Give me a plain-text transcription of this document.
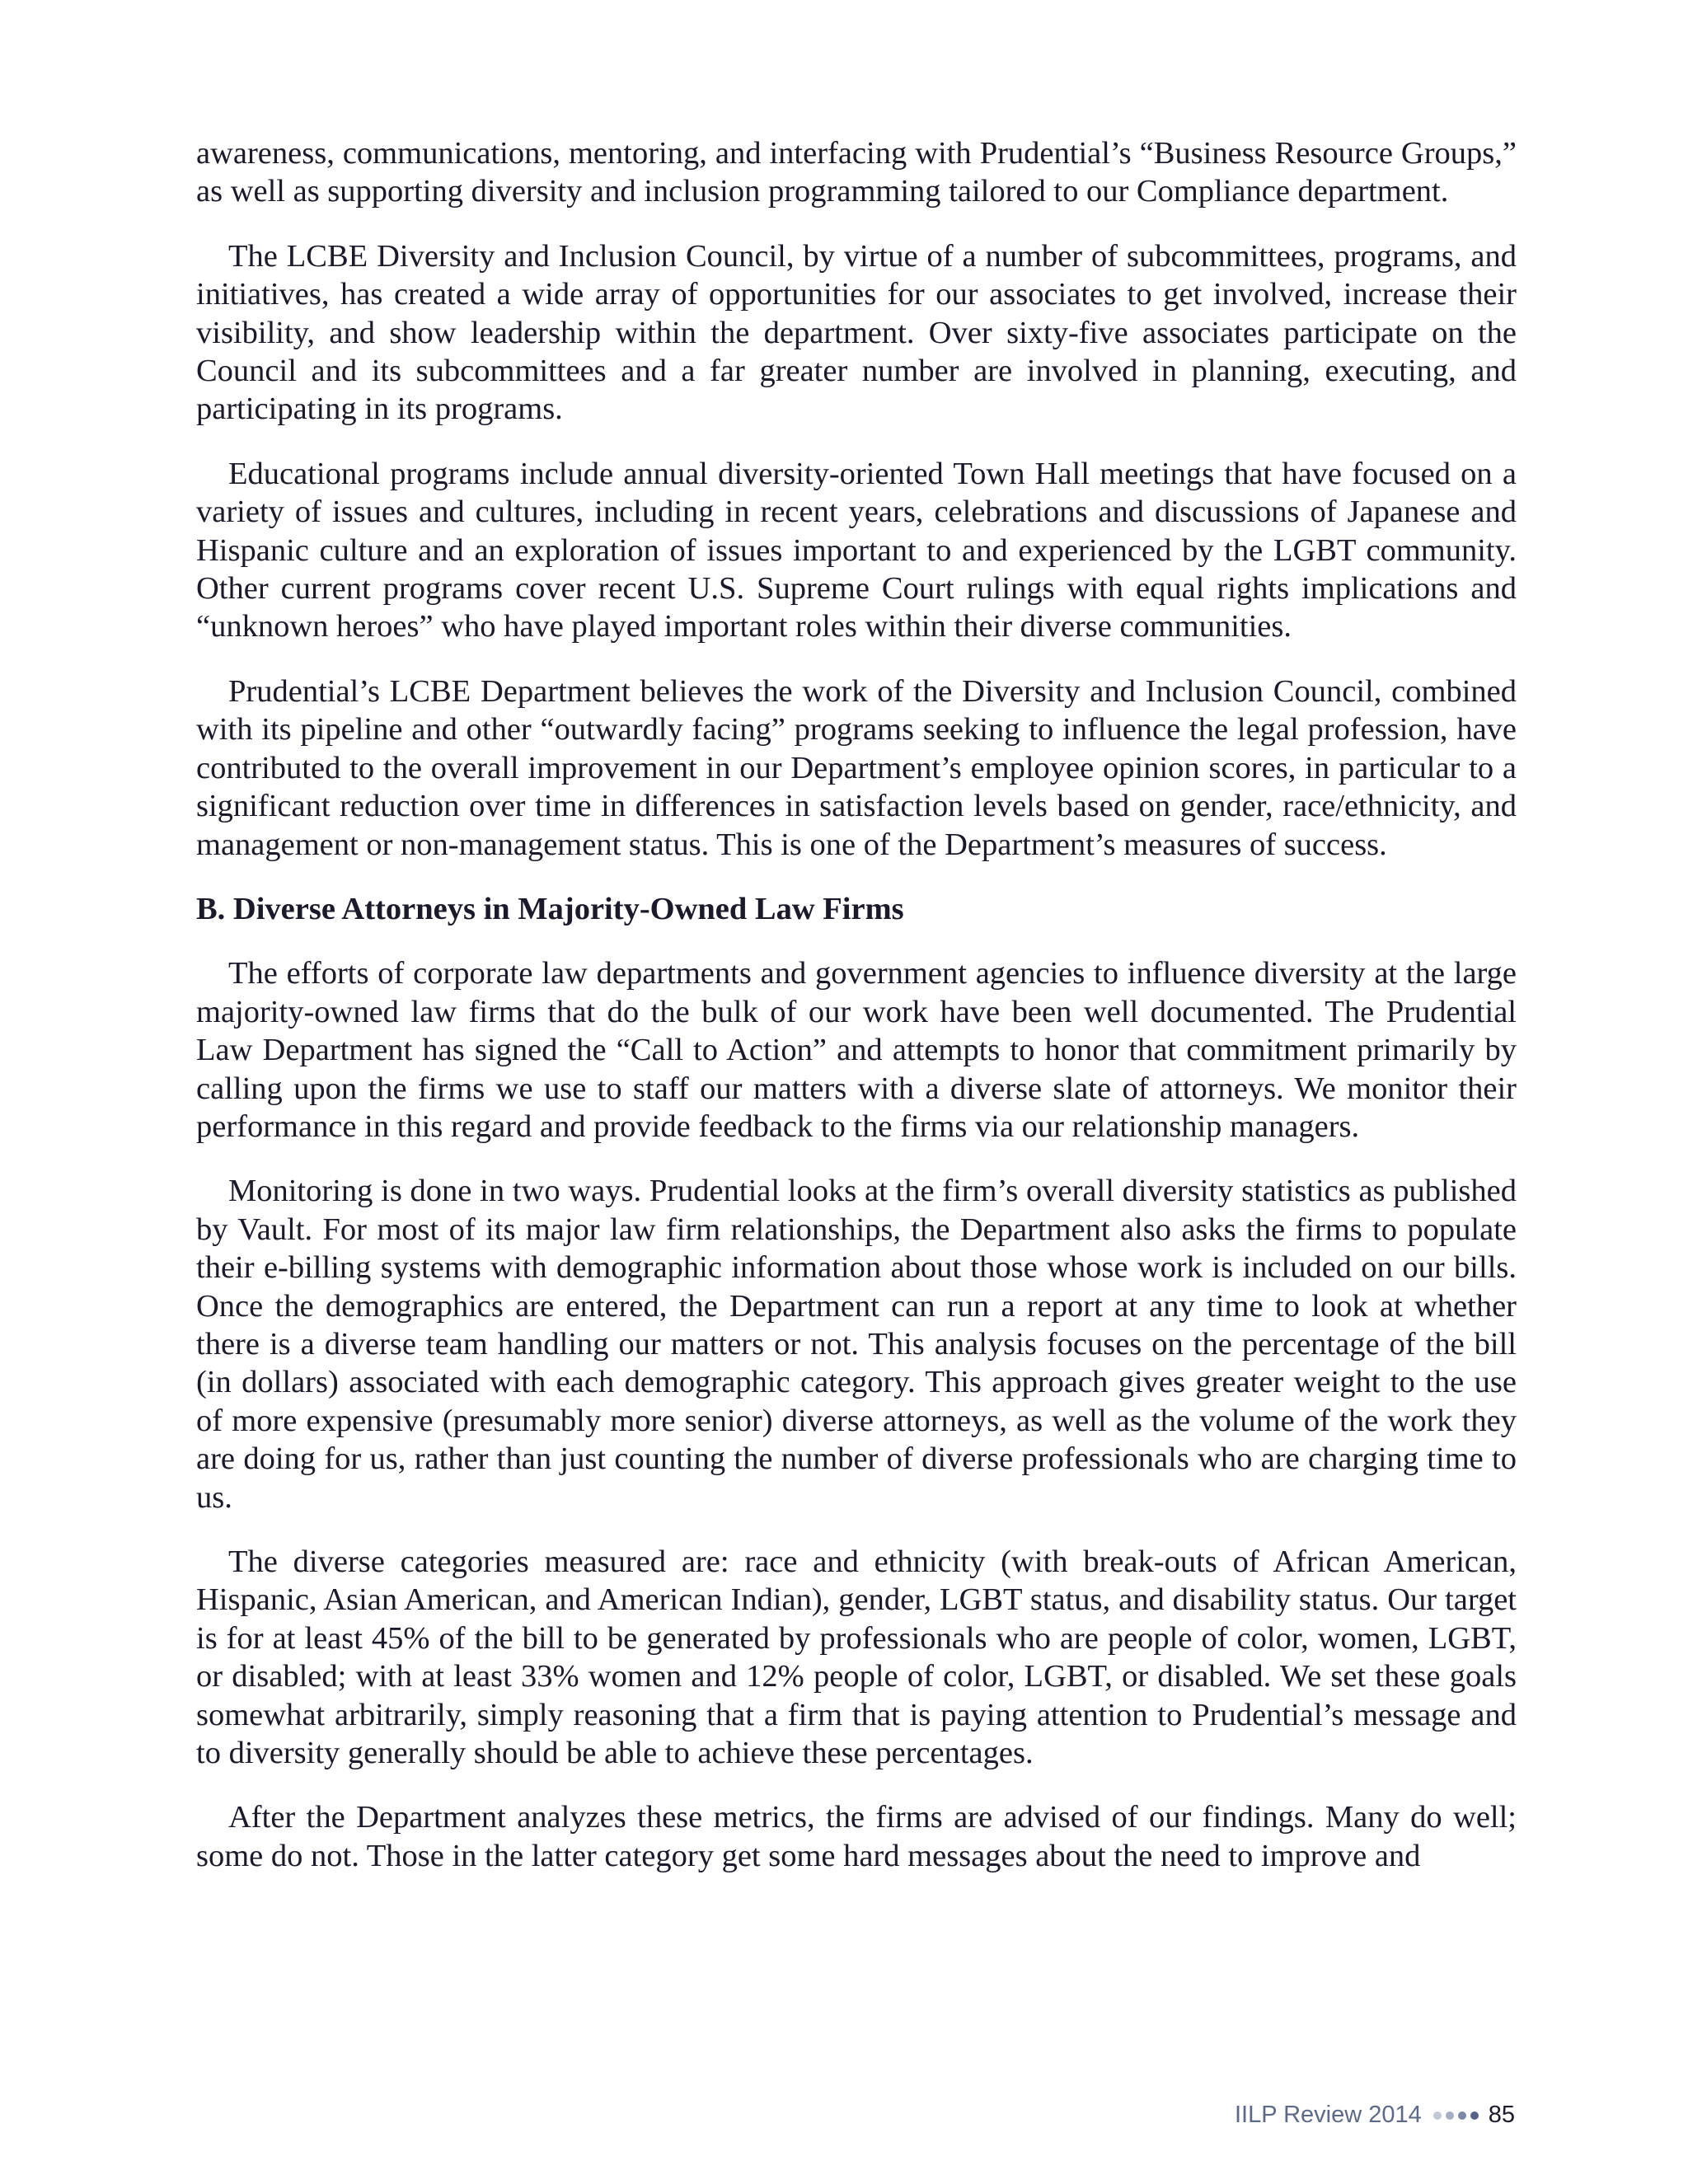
awareness, communications, mentoring, and interfacing with Prudential’s “Business Resource Groups,” as well as supporting diversity and inclusion programming tailored to our Compliance department.

The LCBE Diversity and Inclusion Council, by virtue of a number of subcommittees, programs, and initiatives, has created a wide array of opportunities for our associates to get involved, increase their visibility, and show leadership within the department. Over sixty-five associates participate on the Council and its subcommittees and a far greater number are involved in planning, executing, and participating in its programs.

Educational programs include annual diversity-oriented Town Hall meetings that have focused on a variety of issues and cultures, including in recent years, celebrations and discussions of Japanese and Hispanic culture and an exploration of issues important to and experienced by the LGBT community. Other current programs cover recent U.S. Supreme Court rulings with equal rights implications and “unknown heroes” who have played important roles within their diverse communities.

Prudential’s LCBE Department believes the work of the Diversity and Inclusion Council, combined with its pipeline and other “outwardly facing” programs seeking to influence the legal profession, have contributed to the overall improvement in our Department’s employee opinion scores, in particular to a significant reduction over time in differences in satisfaction levels based on gender, race/ethnicity, and management or non-management status. This is one of the Department’s measures of success.

B. Diverse Attorneys in Majority-Owned Law Firms

The efforts of corporate law departments and government agencies to influence diversity at the large majority-owned law firms that do the bulk of our work have been well documented. The Prudential Law Department has signed the “Call to Action” and attempts to honor that commitment primarily by calling upon the firms we use to staff our matters with a diverse slate of attorneys. We monitor their performance in this regard and provide feedback to the firms via our relationship managers.

Monitoring is done in two ways. Prudential looks at the firm’s overall diversity statistics as published by Vault. For most of its major law firm relationships, the Department also asks the firms to populate their e-billing systems with demographic information about those whose work is included on our bills. Once the demographics are entered, the Department can run a report at any time to look at whether there is a diverse team handling our matters or not. This analysis focuses on the percentage of the bill (in dollars) associated with each demographic category. This approach gives greater weight to the use of more expensive (presumably more senior) diverse attorneys, as well as the volume of the work they are doing for us, rather than just counting the number of diverse professionals who are charging time to us.

The diverse categories measured are: race and ethnicity (with break-outs of African American, Hispanic, Asian American, and American Indian), gender, LGBT status, and disability status. Our target is for at least 45% of the bill to be generated by professionals who are people of color, women, LGBT, or disabled; with at least 33% women and 12% people of color, LGBT, or disabled. We set these goals somewhat arbitrarily, simply reasoning that a firm that is paying attention to Prudential’s message and to diversity generally should be able to achieve these percentages.

After the Department analyzes these metrics, the firms are advised of our findings. Many do well; some do not. Those in the latter category get some hard messages about the need to improve and

IILP Review 2014	85
